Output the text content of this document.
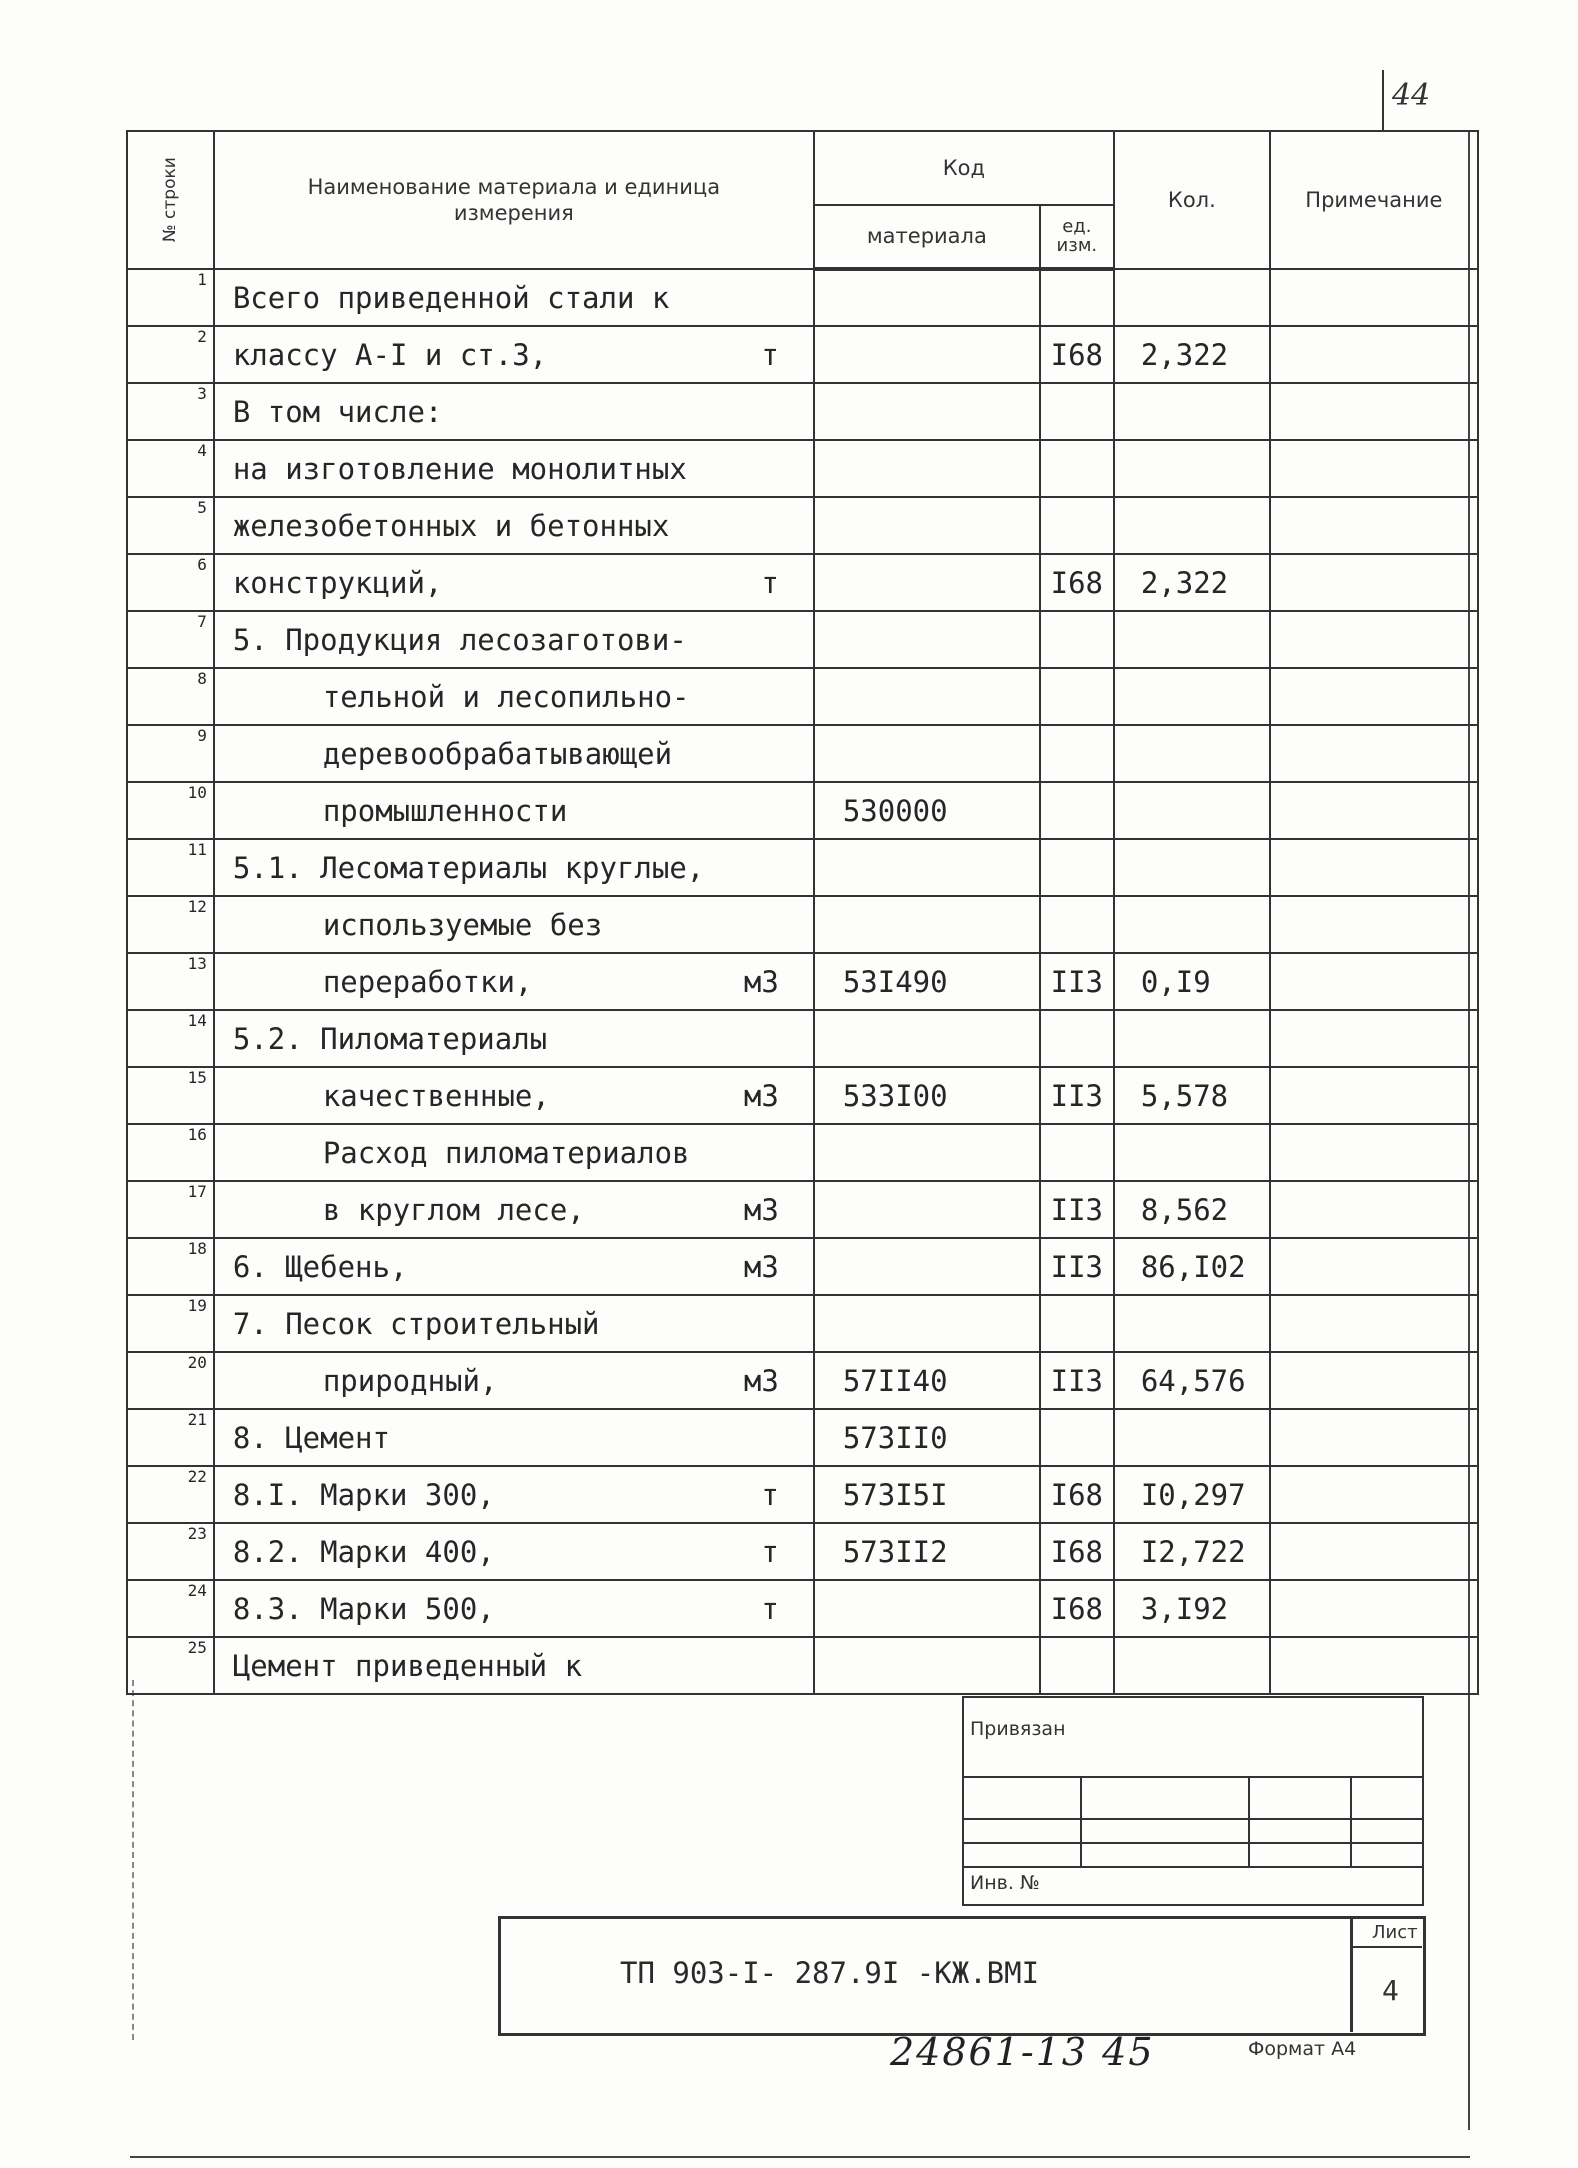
44
№ строки	Наименование материала и единица измерения	Код		Кол.	Примечание
		материала	ед. изм.		
1	Всего приведенной стали к

2	классу А-I и ст.3, т		I68	2,322	
3	В том числе:

4	на изготовление монолитных

5	железобетонных и бетонных

6	конструкций, т		I68	2,322	
7	5. Продукция лесозаготови-

8	тельной и лесопильно-

9	деревообрабатывающей

10	промышленности	530000			
11	5.1. Лесоматериалы круглые,

12	используемые без

13	переработки, м3	53I490	II3	0,I9	
14	5.2. Пиломатериалы

15	качественные, м3	533I00	II3	5,578	
16	Расход пиломатериалов

17	в круглом лесе, м3		II3	8,562	
18	6. Щебень, м3		II3	86,I02	
19	7. Песок строительный

20	природный, м3	57II40	II3	64,576	
21	8. Цемент	573II0			
22	8.I. Марки 300, т	573I5I	I68	I0,297	
23	8.2. Марки 400, т	573II2	I68	I2,722	
24	8.3. Марки 500, т		I68	3,I92	
25	Цемент приведенный к

Привязан
Инв. №
ТП 903-I- 287.9I -КЖ.ВМI
Лист
4
24861-13 45	Формат А4
